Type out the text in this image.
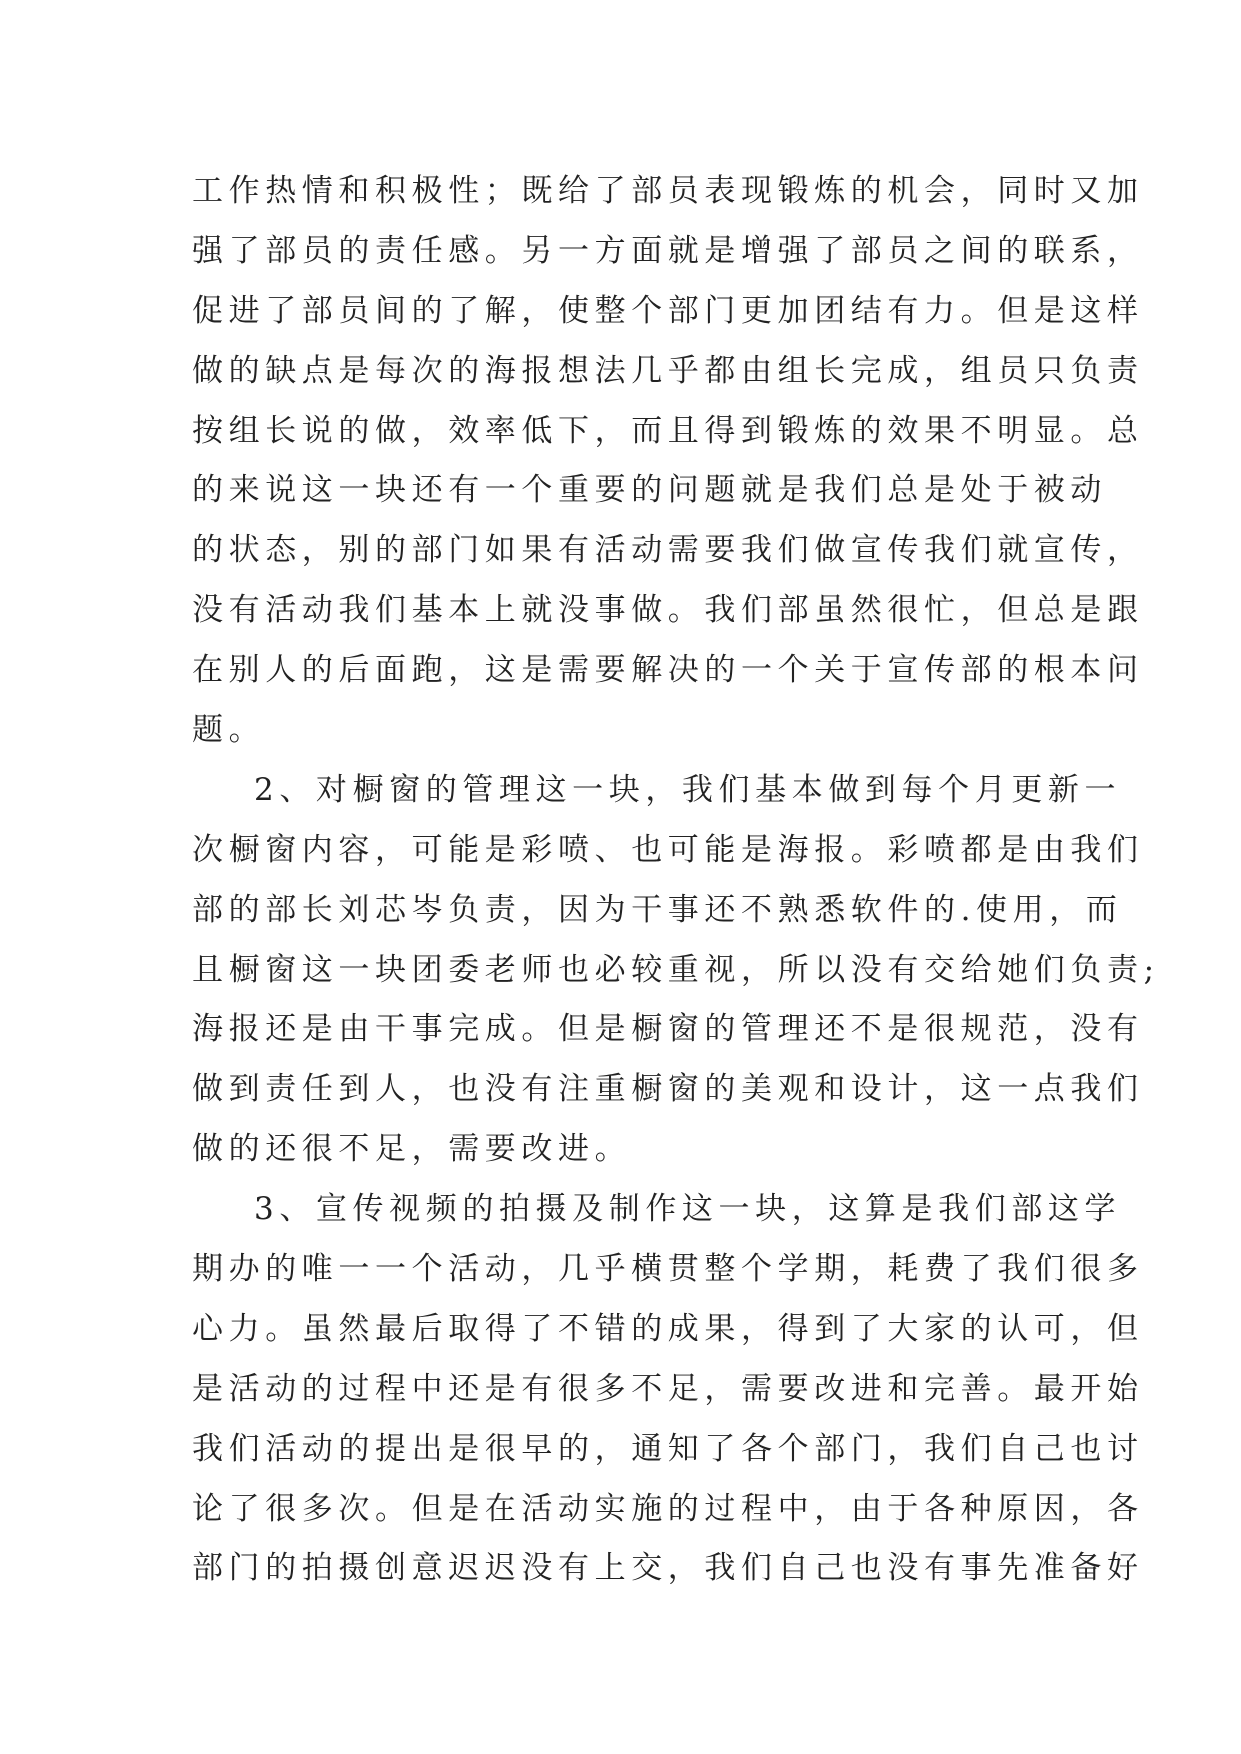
工作热情和积极性；既给了部员表现锻炼的机会，同时又加
强了部员的责任感。另一方面就是增强了部员之间的联系，
促进了部员间的了解，使整个部门更加团结有力。但是这样
做的缺点是每次的海报想法几乎都由组长完成，组员只负责
按组长说的做，效率低下，而且得到锻炼的效果不明显。总
的来说这一块还有一个重要的问题就是我们总是处于被动
的状态，别的部门如果有活动需要我们做宣传我们就宣传，
没有活动我们基本上就没事做。我们部虽然很忙，但总是跟
在别人的后面跑，这是需要解决的一个关于宣传部的根本问
题。
2、对橱窗的管理这一块，我们基本做到每个月更新一
次橱窗内容，可能是彩喷、也可能是海报。彩喷都是由我们
部的部长刘芯岑负责，因为干事还不熟悉软件的.使用，而
且橱窗这一块团委老师也必较重视，所以没有交给她们负责;
海报还是由干事完成。但是橱窗的管理还不是很规范，没有
做到责任到人，也没有注重橱窗的美观和设计，这一点我们
做的还很不足，需要改进。
3、宣传视频的拍摄及制作这一块，这算是我们部这学
期办的唯一一个活动，几乎横贯整个学期，耗费了我们很多
心力。虽然最后取得了不错的成果，得到了大家的认可，但
是活动的过程中还是有很多不足，需要改进和完善。最开始
我们活动的提出是很早的，通知了各个部门，我们自己也讨
论了很多次。但是在活动实施的过程中，由于各种原因，各
部门的拍摄创意迟迟没有上交，我们自己也没有事先准备好
